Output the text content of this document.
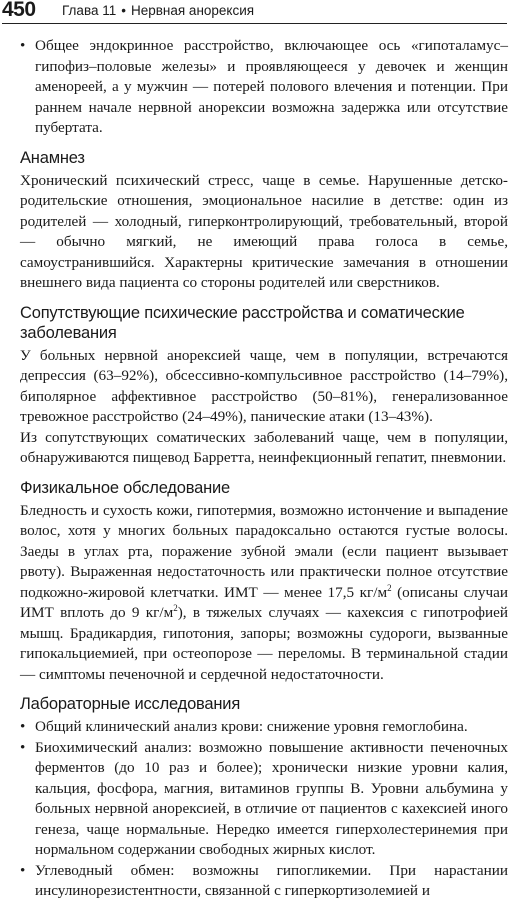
450 Глава 11 • Нервная анорексия
• Общее эндокринное расстройство, включающее ось «гипоталамус–гипофиз–половые железы» и проявляющееся у девочек и женщин аменореей, а у мужчин — потерей полового влечения и потенции. При раннем начале нервной анорексии возможна задержка или отсутствие пубертата.
Анамнез

Хронический психический стресс, чаще в семье. Нарушенные детско-родительские отношения, эмоциональное насилие в детстве: один из родителей — холодный, гиперконтролирующий, требовательный, второй — обычно мягкий, не имеющий права голоса в семье, самоустранившийся. Характерны критические замечания в отношении внешнего вида пациента со стороны родителей или сверстников.

Сопутствующие психические расстройства и соматические заболевания

У больных нервной анорексией чаще, чем в популяции, встречаются депрессия (63–92%), обсессивно-компульсивное расстройство (14–79%), биполярное аффективное расстройство (50–81%), генерализованное тревожное расстройство (24–49%), панические атаки (13–43%).

Из сопутствующих соматических заболеваний чаще, чем в популяции, обнаруживаются пищевод Барретта, неинфекционный гепатит, пневмонии.

Физикальное обследование

Бледность и сухость кожи, гипотермия, возможно истончение и выпадение волос, хотя у многих больных парадоксально остаются густые волосы. Заеды в углах рта, поражение зубной эмали (если пациент вызывает рвоту). Выраженная недостаточность или практически полное отсутствие подкожно-жировой клетчатки. ИМТ — менее 17,5 $кг/м^2$ (описаны случаи ИМТ вплоть до 9 $кг/м^2$), в тяжелых случаях — кахексия с гипотрофией мышц. Брадикардия, гипотония, запоры; возможны судороги, вызванные гипокальциемией, при остеопорозе — переломы. В терминальной стадии — симптомы печеночной и сердечной недостаточности.

Лабораторные исследования
• Общий клинический анализ крови: снижение уровня гемоглобина.
• Биохимический анализ: возможно повышение активности печеночных ферментов (до 10 раз и более); хронически низкие уровни калия, кальция, фосфора, магния, витаминов группы B. Уровни альбумина у больных нервной анорексией, в отличие от пациентов с кахексией иного генеза, чаще нормальные. Нередко имеется гиперхолестеринемия при нормальном содержании свободных жирных кислот.
• Углеводный обмен: возможны гипогликемии. При нарастании инсулинорезистентности, связанной с гиперкортизолемией и
